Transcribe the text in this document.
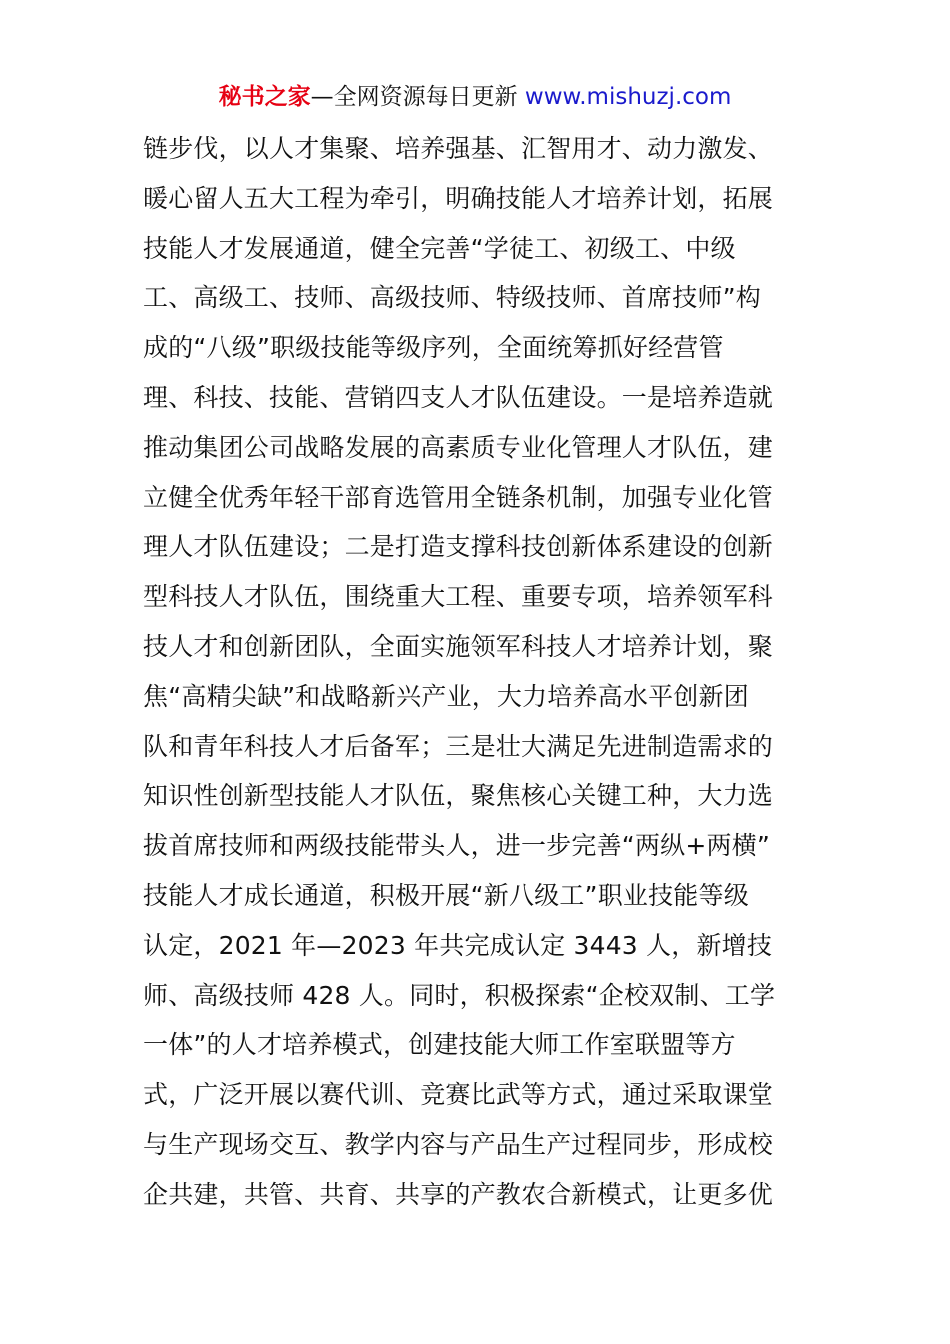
秘书之家—全网资源每日更新 www.mishuzj.com
链步伐，以人才集聚、培养强基、汇智用才、动力激发、
暖心留人五大工程为牵引，明确技能人才培养计划，拓展
技能人才发展通道，健全完善“学徒工、初级工、中级
工、高级工、技师、高级技师、特级技师、首席技师”构
成的“八级”职级技能等级序列，全面统筹抓好经营管
理、科技、技能、营销四支人才队伍建设。一是培养造就
推动集团公司战略发展的高素质专业化管理人才队伍，建
立健全优秀年轻干部育选管用全链条机制，加强专业化管
理人才队伍建设；二是打造支撑科技创新体系建设的创新
型科技人才队伍，围绕重大工程、重要专项，培养领军科
技人才和创新团队，全面实施领军科技人才培养计划，聚
焦“高精尖缺”和战略新兴产业，大力培养高水平创新团
队和青年科技人才后备军；三是壮大满足先进制造需求的
知识性创新型技能人才队伍，聚焦核心关键工种，大力选
拔首席技师和两级技能带头人，进一步完善“两纵+两横”
技能人才成长通道，积极开展“新八级工”职业技能等级
认定，2021 年—2023 年共完成认定 3443 人，新增技
师、高级技师 428 人。同时，积极探索“企校双制、工学
一体”的人才培养模式，创建技能大师工作室联盟等方
式，广泛开展以赛代训、竞赛比武等方式，通过采取课堂
与生产现场交互、教学内容与产品生产过程同步，形成校
企共建，共管、共育、共享的产教农合新模式，让更多优
